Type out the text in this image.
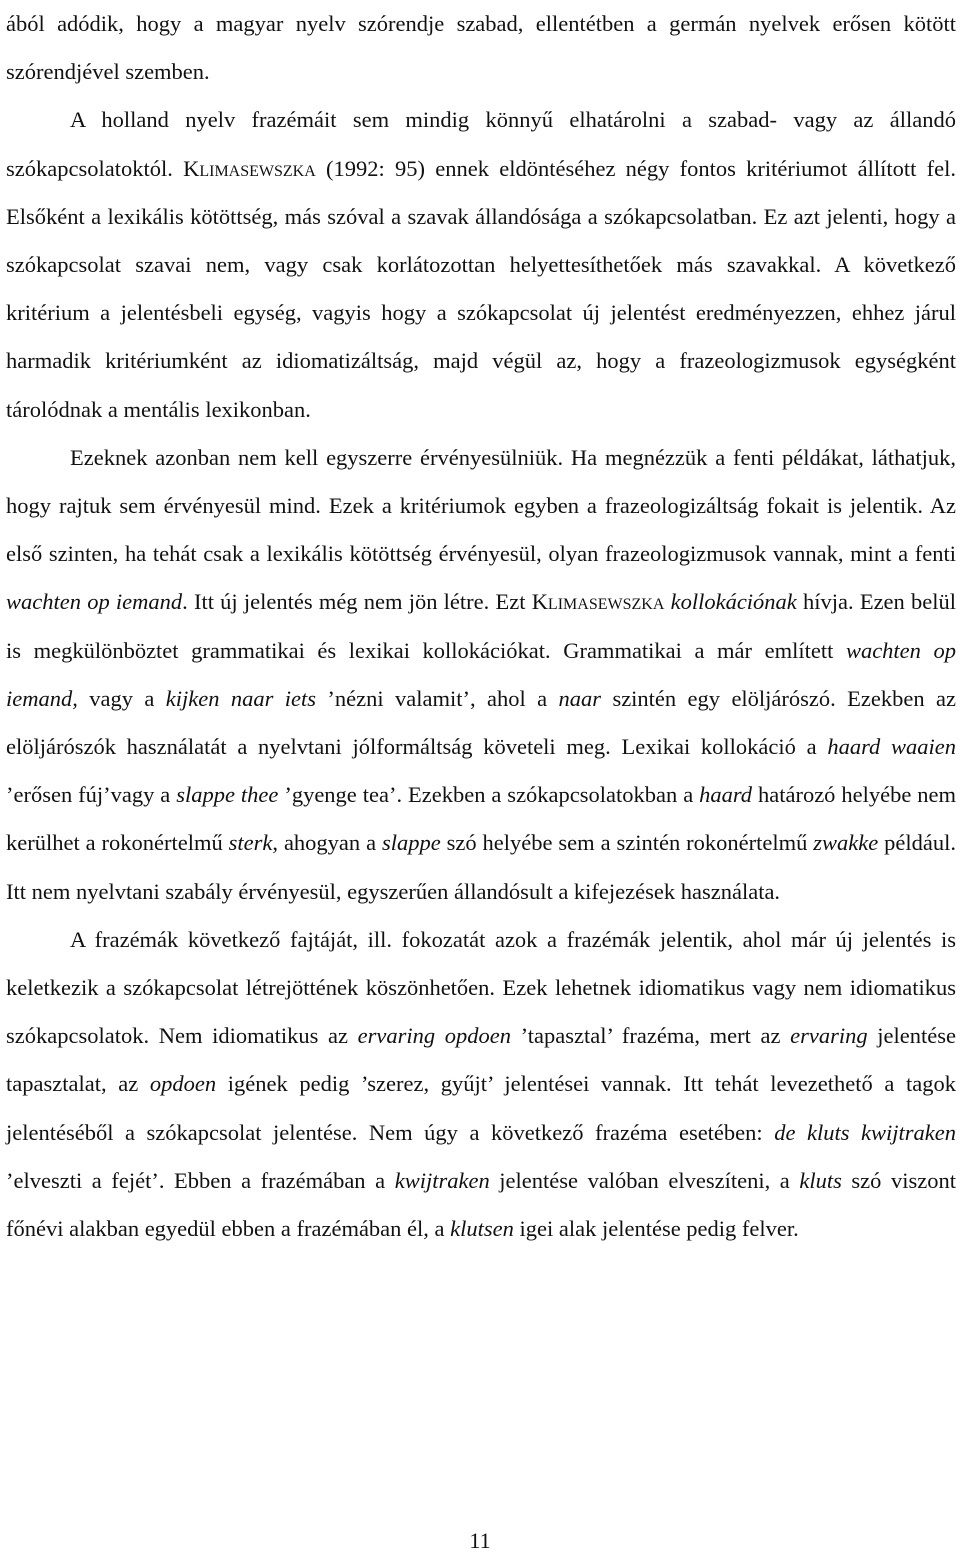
ából adódik, hogy a magyar nyelv szórendje szabad, ellentétben a germán nyelvek erősen kötött szórendjével szemben.

A holland nyelv frazémáit sem mindig könnyű elhatárolni a szabad- vagy az állandó szókapcsolatoktól. Klimasewszka (1992: 95) ennek eldöntéséhez négy fontos kritériumot állított fel. Elsőként a lexikális kötöttség, más szóval a szavak állandósága a szókapcsolatban. Ez azt jelenti, hogy a szókapcsolat szavai nem, vagy csak korlátozottan helyettesíthetőek más szavakkal. A következő kritérium a jelentésbeli egység, vagyis hogy a szókapcsolat új jelentést eredményezzen, ehhez járul harmadik kritériumként az idiomatizáltság, majd végül az, hogy a frazeologizmusok egységként tárolódnak a mentális lexikonban.

Ezeknek azonban nem kell egyszerre érvényesülniük. Ha megnézzük a fenti példákat, láthatjuk, hogy rajtuk sem érvényesül mind. Ezek a kritériumok egyben a frazeologizáltság fokait is jelentik. Az első szinten, ha tehát csak a lexikális kötöttség érvényesül, olyan frazeologizmusok vannak, mint a fenti wachten op iemand. Itt új jelentés még nem jön létre. Ezt Klimasewszka kollokációnak hívja. Ezen belül is megkülönböztet grammatikai és lexikai kollokációkat. Grammatikai a már említett wachten op iemand, vagy a kijken naar iets ’nézni valamit’, ahol a naar szintén egy elöljárószó. Ezekben az elöljárószók használatát a nyelvtani jólformáltság követeli meg. Lexikai kollokáció a haard waaien ’erősen fúj’vagy a slappe thee ’gyenge tea’. Ezekben a szókapcsolatokban a haard határozó helyébe nem kerülhet a rokonértelmű sterk, ahogyan a slappe szó helyébe sem a szintén rokonértelmű zwakke például. Itt nem nyelvtani szabály érvényesül, egyszerűen állandósult a kifejezések használata.

A frazémák következő fajtáját, ill. fokozatát azok a frazémák jelentik, ahol már új jelentés is keletkezik a szókapcsolat létrejöttének köszönhetően. Ezek lehetnek idiomatikus vagy nem idiomatikus szókapcsolatok. Nem idiomatikus az ervaring opdoen ’tapasztal’ frazéma, mert az ervaring jelentése tapasztalat, az opdoen igének pedig ’szerez, gyűjt’ jelentései vannak. Itt tehát levezethető a tagok jelentéséből a szókapcsolat jelentése. Nem úgy a következő frazéma esetében: de kluts kwijtraken ’elveszti a fejét’. Ebben a frazémában a kwijtraken jelentése valóban elveszíteni, a kluts szó viszont főnévi alakban egyedül ebben a frazémában él, a klutsen igei alak jelentése pedig felver.

11
